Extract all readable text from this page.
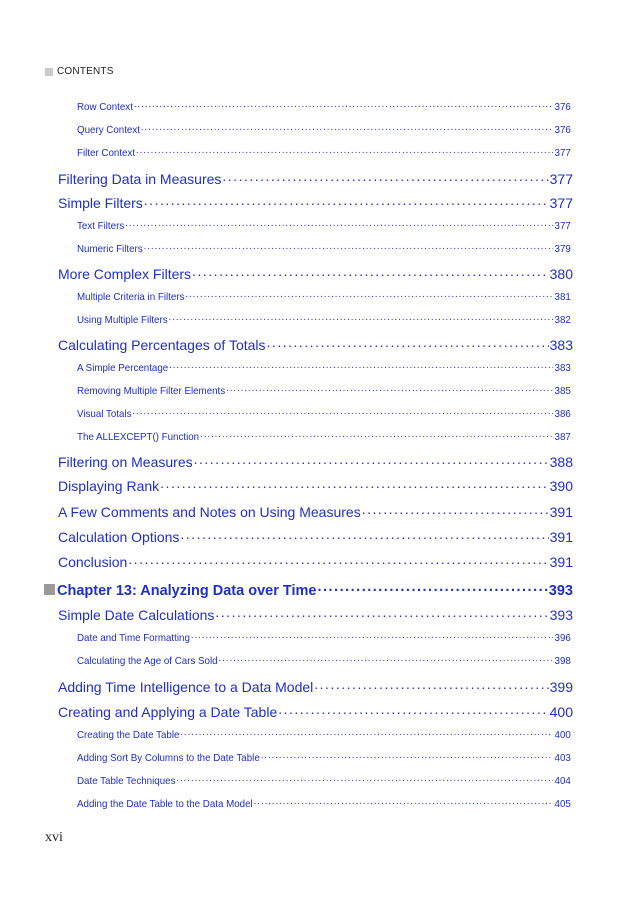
CONTENTS
Row Context .....	376
Query Context .....	376
Filter Context .....	377
Filtering Data in Measures .....	377
Simple Filters .....	377
Text Filters .....	377
Numeric Filters .....	379
More Complex Filters .....	380
Multiple Criteria in Filters .....	381
Using Multiple Filters .....	382
Calculating Percentages of Totals .....	383
A Simple Percentage .....	383
Removing Multiple Filter Elements .....	385
Visual Totals .....	386
The ALLEXCEPT() Function .....	387
Filtering on Measures .....	388
Displaying Rank .....	390
A Few Comments and Notes on Using Measures .....	391
Calculation Options .....	391
Conclusion .....	391
Chapter 13: Analyzing Data over Time .....	393
Simple Date Calculations .....	393
Date and Time Formatting .....	396
Calculating the Age of Cars Sold .....	398
Adding Time Intelligence to a Data Model .....	399
Creating and Applying a Date Table .....	400
Creating the Date Table .....	400
Adding Sort By Columns to the Date Table .....	403
Date Table Techniques .....	404
Adding the Date Table to the Data Model .....	405
xvi
